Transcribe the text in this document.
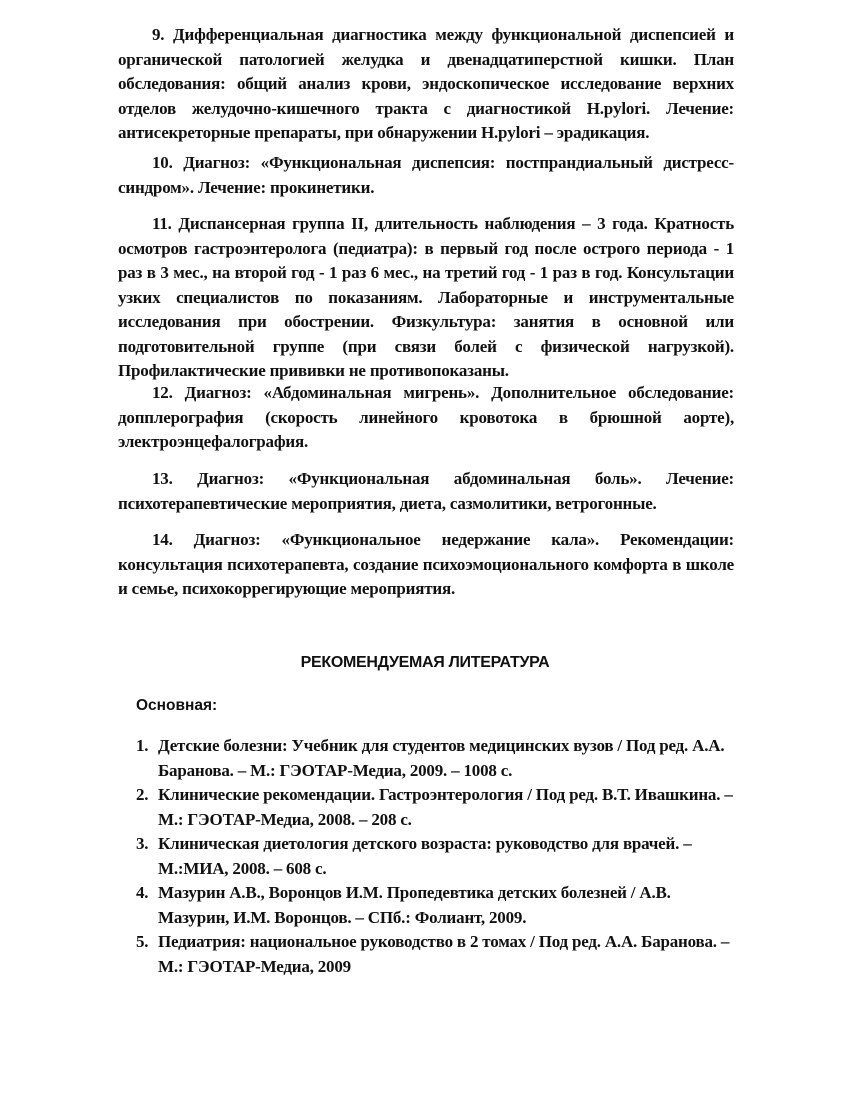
9. Дифференциальная диагностика между функциональной диспепсией и органической патологией желудка и двенадцатиперстной кишки. План обследования: общий анализ крови, эндоскопическое исследование верхних отделов желудочно-кишечного тракта с диагностикой H.pylori. Лечение: антисекреторные препараты, при обнаружении H.pylori – эрадикация.

10. Диагноз: «Функциональная диспепсия: постпрандиальный дистресс-синдром». Лечение: прокинетики.

11. Диспансерная группа II, длительность наблюдения – 3 года. Кратность осмотров гастроэнтеролога (педиатра): в первый год после острого периода - 1 раз в 3 мес., на второй год - 1 раз 6 мес., на третий год - 1 раз в год. Консультации узких специалистов по показаниям. Лабораторные и инструментальные исследования при обострении. Физкультура: занятия в основной или подготовительной группе (при связи болей с физической нагрузкой). Профилактические прививки не противопоказаны.

12. Диагноз: «Абдоминальная мигрень». Дополнительное обследование: допплерография (скорость линейного кровотока в брюшной аорте), электроэнцефалография.

13. Диагноз: «Функциональная абдоминальная боль». Лечение: психотерапевтические мероприятия, диета, сазмолитики, ветрогонные.

14. Диагноз: «Функциональное недержание кала». Рекомендации: консультация психотерапевта, создание психоэмоционального комфорта в школе и семье, психокоррегирующие мероприятия.

РЕКОМЕНДУЕМАЯ ЛИТЕРАТУРА
Основная:
1. Детские болезни: Учебник для студентов медицинских вузов / Под ред. А.А. Баранова. – М.: ГЭОТАР-Медиа, 2009. – 1008 с.
2. Клинические рекомендации. Гастроэнтерология / Под ред. В.Т. Ивашкина. – М.: ГЭОТАР-Медиа, 2008. – 208 с.
3. Клиническая диетология детского возраста: руководство для врачей. – М.:МИА, 2008. – 608 с.
4. Мазурин А.В., Воронцов И.М. Пропедевтика детских болезней / А.В. Мазурин, И.М. Воронцов. – СПб.: Фолиант, 2009.
5. Педиатрия: национальное руководство в 2 томах / Под ред. А.А. Баранова. – М.: ГЭОТАР-Медиа, 2009
